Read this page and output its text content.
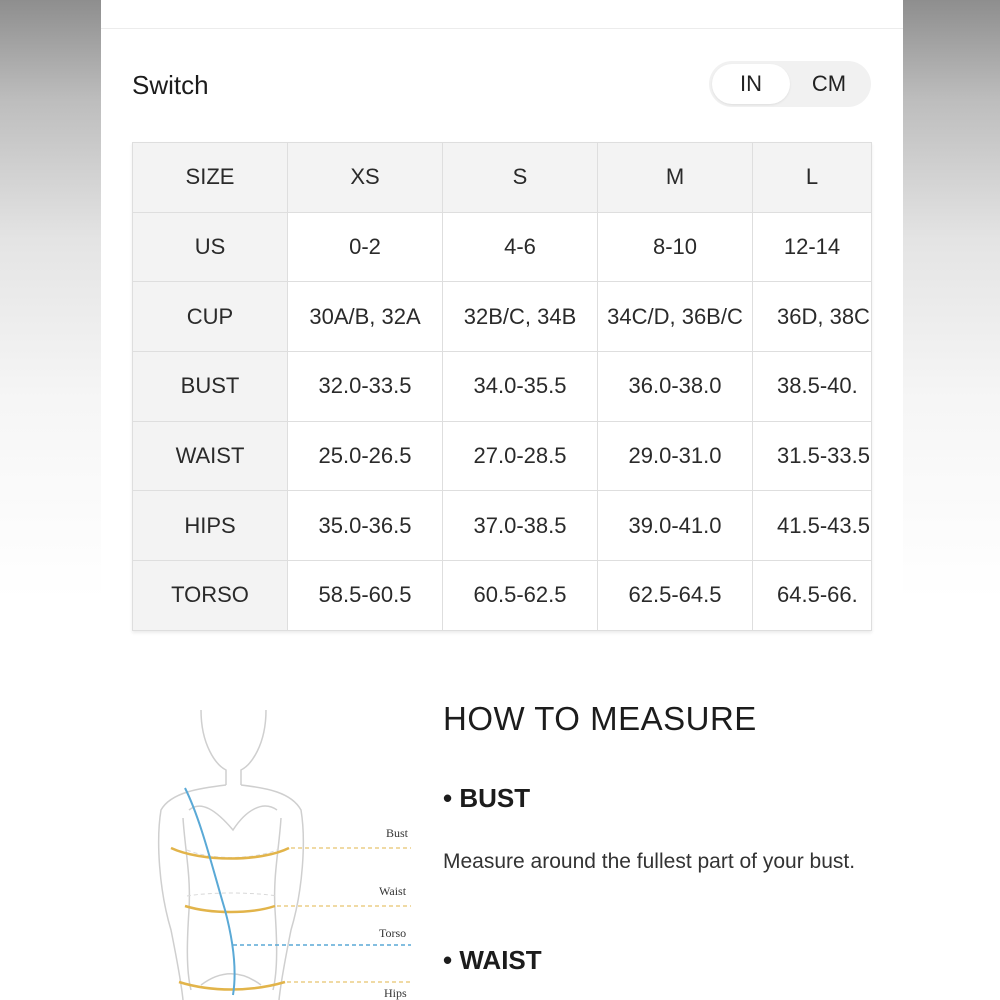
Switch	IN	CM
SIZE	XS	S	M	L
US	0-2	4-6	8-10	12-14
CUP	30A/B, 32A	32B/C, 34B	34C/D, 36B/C	36D, 38C
BUST	32.0-33.5	34.0-35.5	36.0-38.0	38.5-40.
WAIST	25.0-26.5	27.0-28.5	29.0-31.0	31.5-33.5
HIPS	35.0-36.5	37.0-38.5	39.0-41.0	41.5-43.5
TORSO	58.5-60.5	60.5-62.5	62.5-64.5	64.5-66.
Bust
Waist
Torso
Hips
HOW TO MEASURE
• BUST
Measure around the fullest part of your bust.
• WAIST
